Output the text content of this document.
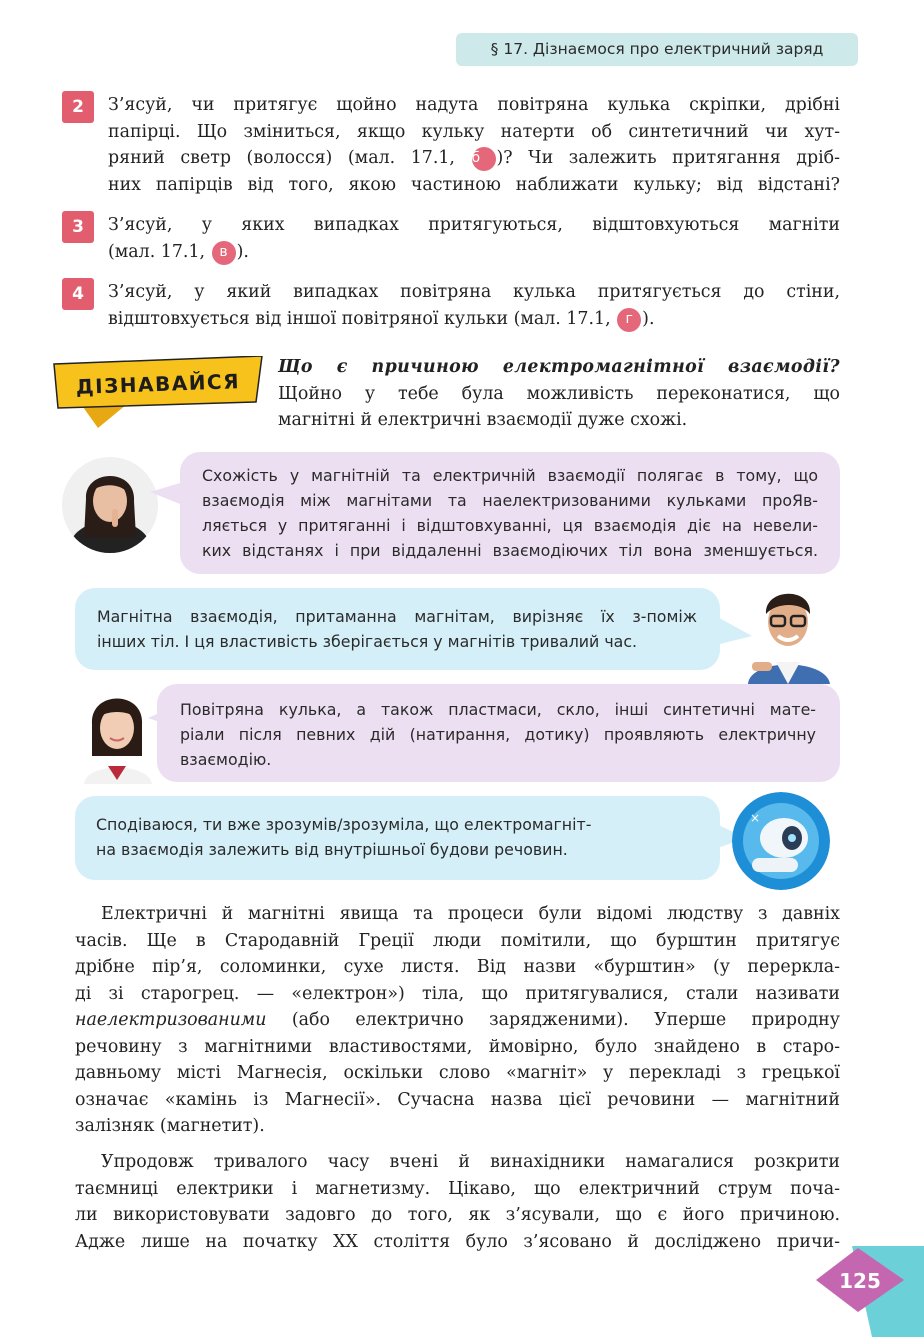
§ 17. Дізнаємося про електричний заряд
2	З’ясуй, чи притягує щойно надута повітряна кулька скріпки, дрібні
папірці. Що зміниться, якщо кульку натерти об синтетичний чи хут-
ряний светр (волосся) (мал. 17.1, б )? Чи залежить притягання дріб-
них папірців від того, якою частиною наближати кульку; від відстані?
3	З’ясуй, у яких випадках притягуються, відштовхуються магніти
(мал. 17.1, в ).
4	З’ясуй, у який випадках повітряна кулька притягується до стіни,
відштовхується від іншої повітряної кульки (мал. 17.1, г ).
ДІЗНАВАЙСЯ
Що є причиною електромагнітної взаємодії?
Щойно у тебе була можливість переконатися, що
магнітні й електричні взаємодії дуже схожі.
Схожість у магнітній та електричній взаємодії полягає в тому, що
взаємодія між магнітами та наелектризованими кульками проЯв-
ляється у притяганні і відштовхуванні, ця взаємодія діє на невели-
ких відстанях і при віддаленні взаємодіючих тіл вона зменшується.
Магнітна взаємодія, притаманна магнітам, вирізняє їх з-поміж
інших тіл. І ця властивість зберігається у магнітів тривалий час.
Повітряна кулька, а також пластмаси, скло, інші синтетичні мате-
ріали після певних дій (натирання, дотику) проявляють електричну
взаємодію.
Сподіваюся, ти вже зрозумів/зрозуміла, що електромагніт-
на взаємодія залежить від внутрішньої будови речовин.
×
Електричні й магнітні явища та процеси були відомі людству з давніх
часів. Ще в Стародавній Греції люди помітили, що бурштин притягує
дрібне пір’я, соломинки, сухе листя. Від назви «бурштин» (у переркла-
ді зі старогрец. — «електрон») тіла, що притягувалися, стали називати
наелектризованими (або електрично зарядженими). Уперше природну
речовину з магнітними властивостями, ймовірно, було знайдено в старо-
давньому місті Магнесія, оскільки слово «магніт» у перекладі з грецької
означає «камінь із Магнесії». Сучасна назва цієї речовини — магнітний
залізняк (магнетит).
Упродовж тривалого часу вчені й винахідники намагалися розкрити
таємниці електрики і магнетизму. Цікаво, що електричний струм поча-
ли використовувати задовго до того, як з’ясували, що є його причиною.
Адже лише на початку ХХ століття було з’ясовано й досліджено причи-
125
